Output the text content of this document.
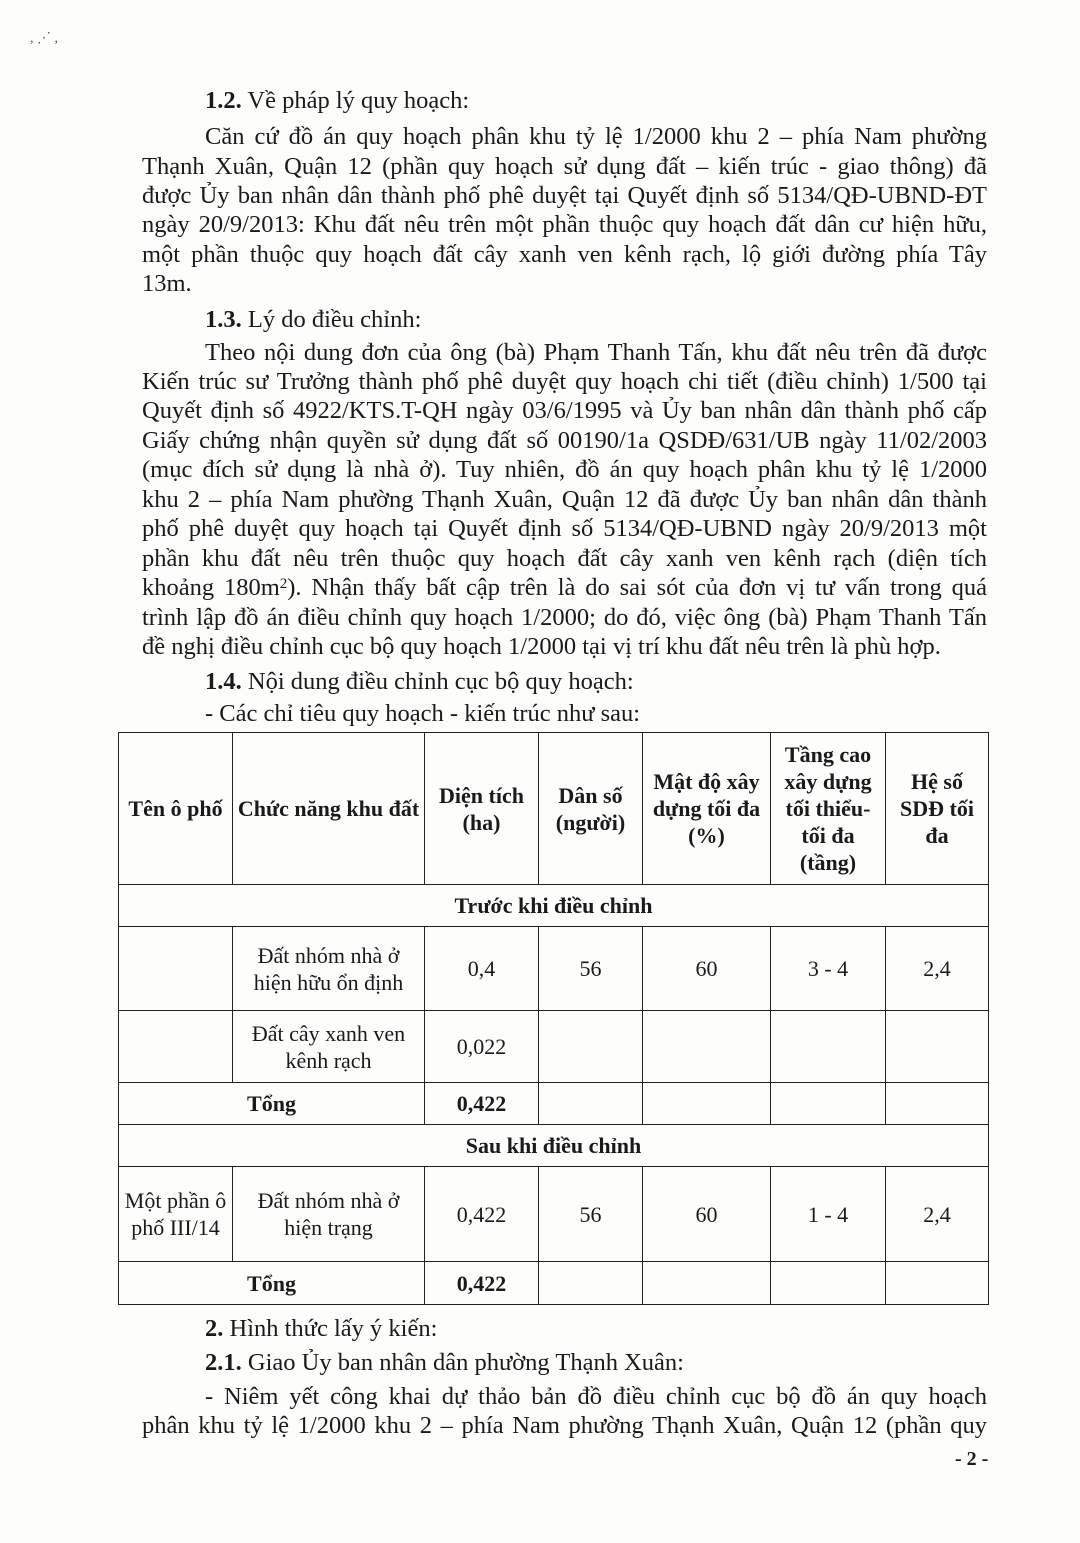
, ⋰ ,
1.2. Về pháp lý quy hoạch:
Căn cứ đồ án quy hoạch phân khu tỷ lệ 1/2000 khu 2 – phía Nam phường
Thạnh Xuân, Quận 12 (phần quy hoạch sử dụng đất – kiến trúc - giao thông) đã
được Ủy ban nhân dân thành phố phê duyệt tại Quyết định số 5134/QĐ-UBND-ĐT
ngày 20/9/2013: Khu đất nêu trên một phần thuộc quy hoạch đất dân cư hiện hữu,
một phần thuộc quy hoạch đất cây xanh ven kênh rạch, lộ giới đường phía Tây
13m.
1.3. Lý do điều chỉnh:
Theo nội dung đơn của ông (bà) Phạm Thanh Tấn, khu đất nêu trên đã được
Kiến trúc sư Trưởng thành phố phê duyệt quy hoạch chi tiết (điều chỉnh) 1/500 tại
Quyết định số 4922/KTS.T-QH ngày 03/6/1995 và Ủy ban nhân dân thành phố cấp
Giấy chứng nhận quyền sử dụng đất số 00190/1a QSDĐ/631/UB ngày 11/02/2003
(mục đích sử dụng là nhà ở). Tuy nhiên, đồ án quy hoạch phân khu tỷ lệ 1/2000
khu 2 – phía Nam phường Thạnh Xuân, Quận 12 đã được Ủy ban nhân dân thành
phố phê duyệt quy hoạch tại Quyết định số 5134/QĐ-UBND ngày 20/9/2013 một
phần khu đất nêu trên thuộc quy hoạch đất cây xanh ven kênh rạch (diện tích
khoảng $180m^2$). Nhận thấy bất cập trên là do sai sót của đơn vị tư vấn trong quá
trình lập đồ án điều chỉnh quy hoạch 1/2000; do đó, việc ông (bà) Phạm Thanh Tấn
đề nghị điều chỉnh cục bộ quy hoạch 1/2000 tại vị trí khu đất nêu trên là phù hợp.
1.4. Nội dung điều chỉnh cục bộ quy hoạch:
- Các chỉ tiêu quy hoạch - kiến trúc như sau:
Tên ô phố	Chức năng khu đất	Diện tích (ha)	Dân số (người)	Mật độ xây dựng tối đa (%)	Tầng cao xây dựng tối thiểu- tối đa (tầng)	Hệ số SDĐ tối đa
Trước khi điều chỉnh						
	Đất nhóm nhà ở hiện hữu ổn định	0,4	56	60	3 - 4	2,4
	Đất cây xanh ven kênh rạch	0,022				
Tổng		0,422				
Sau khi điều chỉnh						
Một phần ô phố III/14	Đất nhóm nhà ở hiện trạng	0,422	56	60	1 - 4	2,4
Tổng		0,422				
2. Hình thức lấy ý kiến:
2.1. Giao Ủy ban nhân dân phường Thạnh Xuân:
- Niêm yết công khai dự thảo bản đồ điều chỉnh cục bộ đồ án quy hoạch
phân khu tỷ lệ 1/2000 khu 2 – phía Nam phường Thạnh Xuân, Quận 12 (phần quy
- 2 -
